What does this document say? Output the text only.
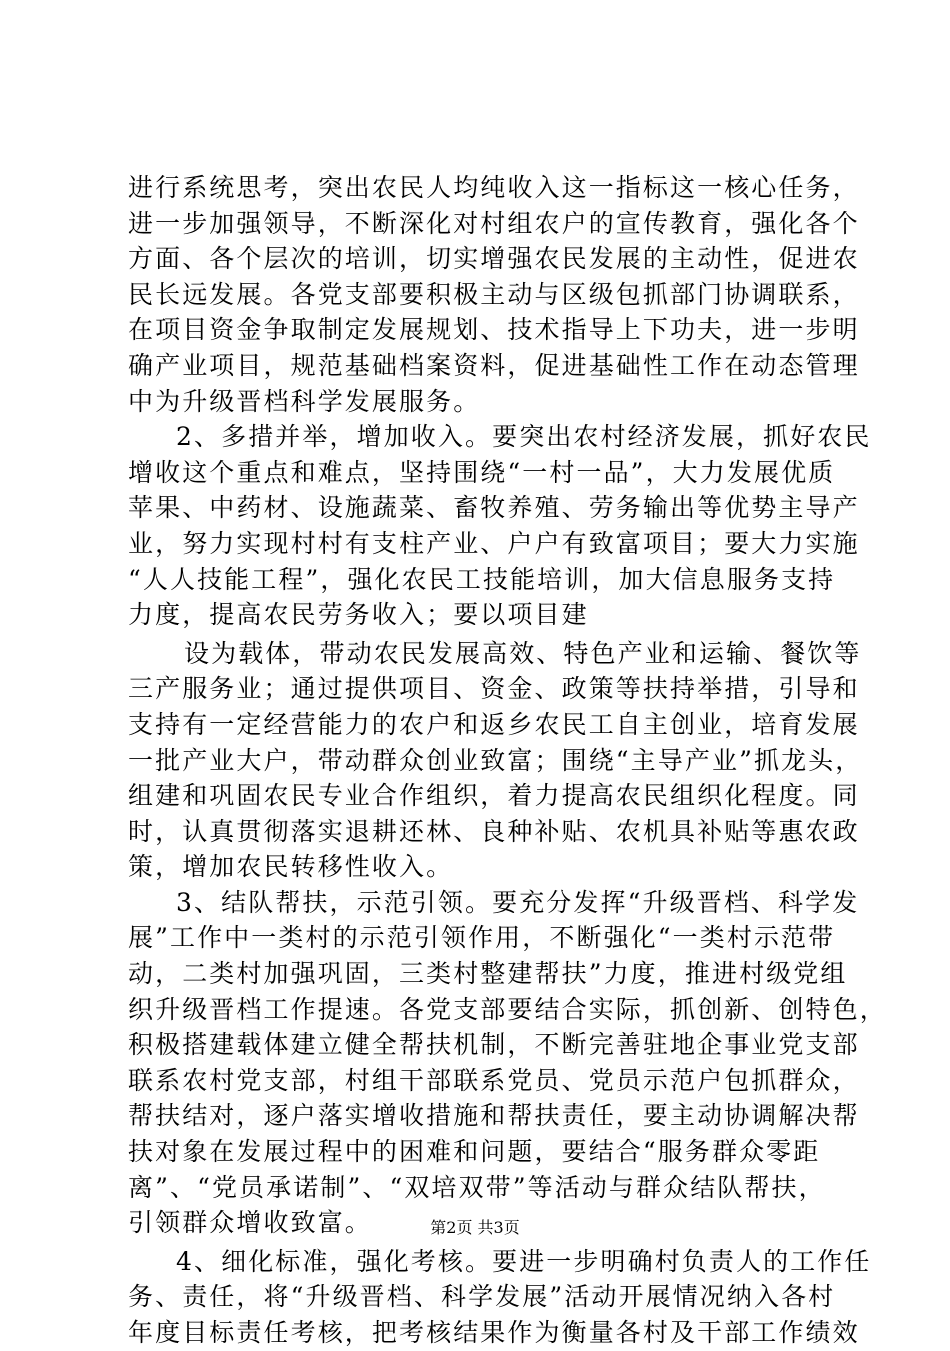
进行系统思考，突出农民人均纯收入这一指标这一核心任务，
进一步加强领导，不断深化对村组农户的宣传教育，强化各个
方面、各个层次的培训，切实增强农民发展的主动性，促进农
民长远发展。各党支部要积极主动与区级包抓部门协调联系，
在项目资金争取制定发展规划、技术指导上下功夫，进一步明
确产业项目，规范基础档案资料，促进基础性工作在动态管理
中为升级晋档科学发展服务。
2、多措并举，增加收入。要突出农村经济发展，抓好农民
增收这个重点和难点，坚持围绕“一村一品”，大力发展优质
苹果、中药材、设施蔬菜、畜牧养殖、劳务输出等优势主导产
业，努力实现村村有支柱产业、户户有致富项目；要大力实施
“人人技能工程”，强化农民工技能培训，加大信息服务支持
力度，提高农民劳务收入；要以项目建
设为载体，带动农民发展高效、特色产业和运输、餐饮等
三产服务业；通过提供项目、资金、政策等扶持举措，引导和
支持有一定经营能力的农户和返乡农民工自主创业，培育发展
一批产业大户，带动群众创业致富；围绕“主导产业”抓龙头，
组建和巩固农民专业合作组织，着力提高农民组织化程度。同
时，认真贯彻落实退耕还林、良种补贴、农机具补贴等惠农政
策，增加农民转移性收入。
3、结队帮扶，示范引领。要充分发挥“升级晋档、科学发
展”工作中一类村的示范引领作用，不断强化“一类村示范带
动，二类村加强巩固，三类村整建帮扶”力度，推进村级党组
织升级晋档工作提速。各党支部要结合实际，抓创新、创特色，
积极搭建载体建立健全帮扶机制，不断完善驻地企事业党支部
联系农村党支部，村组干部联系党员、党员示范户包抓群众，
帮扶结对，逐户落实增收措施和帮扶责任，要主动协调解决帮
扶对象在发展过程中的困难和问题，要结合“服务群众零距
离”、“党员承诺制”、“双培双带”等活动与群众结队帮扶，
引领群众增收致富。
4、细化标准，强化考核。要进一步明确村负责人的工作任
务、责任，将“升级晋档、科学发展”活动开展情况纳入各村
年度目标责任考核，把考核结果作为衡量各村及干部工作绩效
第2页 共3页
